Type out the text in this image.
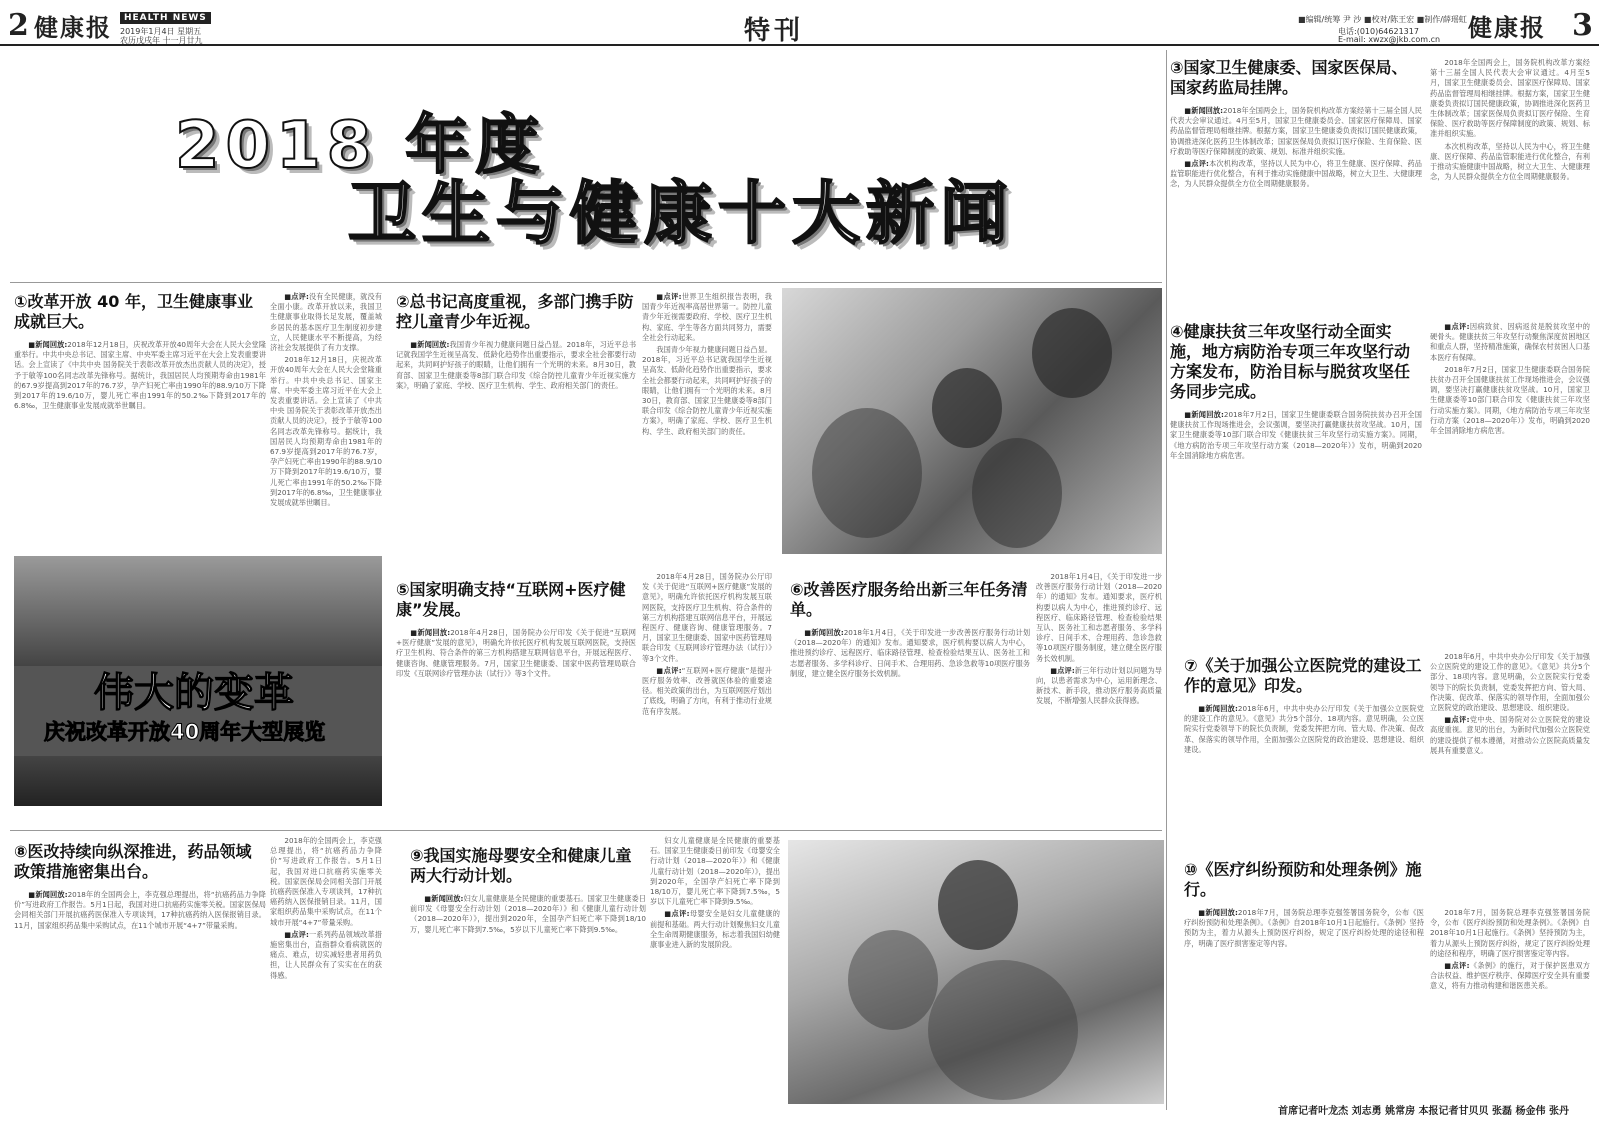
2 健康报	HEALTH NEWS
2019年1月4日 星期五
农历戊戌年 十一月廿九	特刊	■编辑/统筹 尹 沙 ■校对/陈王宏 ■制作/薛瑶虹
电话:(010)64621317
E-mail: xwzx@jkb.com.cn 健康报 3
2018 年度
卫生与健康十大新闻
③国家卫生健康委、国家医保局、国家药监局挂牌。

■新闻回放:2018年全国两会上，国务院机构改革方案经第十三届全国人民代表大会审议通过。4月至5月，国家卫生健康委员会、国家医疗保障局、国家药品监督管理局相继挂牌。根据方案，国家卫生健康委负责拟订国民健康政策，协调推进深化医药卫生体制改革；国家医保局负责拟订医疗保险、生育保险、医疗救助等医疗保障制度的政策、规划、标准并组织实施。

■点评:本次机构改革，坚持以人民为中心，将卫生健康、医疗保障、药品监管职能进行优化整合，有利于推动实施健康中国战略，树立大卫生、大健康理念，为人民群众提供全方位全周期健康服务。

2018年全国两会上，国务院机构改革方案经第十三届全国人民代表大会审议通过。4月至5月，国家卫生健康委员会、国家医疗保障局、国家药品监督管理局相继挂牌。根据方案，国家卫生健康委负责拟订国民健康政策，协调推进深化医药卫生体制改革；国家医保局负责拟订医疗保险、生育保险、医疗救助等医疗保障制度的政策、规划、标准并组织实施。

本次机构改革，坚持以人民为中心，将卫生健康、医疗保障、药品监管职能进行优化整合，有利于推动实施健康中国战略，树立大卫生、大健康理念，为人民群众提供全方位全周期健康服务。

①改革开放 40 年，卫生健康事业成就巨大。

■新闻回放:2018年12月18日，庆祝改革开放40周年大会在人民大会堂隆重举行。中共中央总书记、国家主席、中央军委主席习近平在大会上发表重要讲话。会上宣读了《中共中央 国务院关于表彰改革开放杰出贡献人员的决定》，授予于敏等100名同志改革先锋称号。据统计，我国居民人均预期寿命由1981年的67.9岁提高到2017年的76.7岁，孕产妇死亡率由1990年的88.9/10万下降到2017年的19.6/10万，婴儿死亡率由1991年的50.2‰下降到2017年的6.8‰，卫生健康事业发展成就举世瞩目。

■点评:没有全民健康，就没有全面小康。改革开放以来，我国卫生健康事业取得长足发展，覆盖城乡居民的基本医疗卫生制度初步建立，人民健康水平不断提高，为经济社会发展提供了有力支撑。

2018年12月18日，庆祝改革开放40周年大会在人民大会堂隆重举行。中共中央总书记、国家主席、中央军委主席习近平在大会上发表重要讲话。会上宣读了《中共中央 国务院关于表彰改革开放杰出贡献人员的决定》，授予于敏等100名同志改革先锋称号。据统计，我国居民人均预期寿命由1981年的67.9岁提高到2017年的76.7岁，孕产妇死亡率由1990年的88.9/10万下降到2017年的19.6/10万，婴儿死亡率由1991年的50.2‰下降到2017年的6.8‰，卫生健康事业发展成就举世瞩目。

②总书记高度重视，多部门携手防控儿童青少年近视。

■新闻回放:我国青少年视力健康问题日益凸显。2018年，习近平总书记就我国学生近视呈高发、低龄化趋势作出重要指示，要求全社会都要行动起来，共同呵护好孩子的眼睛，让他们拥有一个光明的未来。8月30日，教育部、国家卫生健康委等8部门联合印发《综合防控儿童青少年近视实施方案》，明确了家庭、学校、医疗卫生机构、学生、政府相关部门的责任。

■点评:世界卫生组织报告表明，我国青少年近视率高居世界第一。防控儿童青少年近视需要政府、学校、医疗卫生机构、家庭、学生等各方面共同努力，需要全社会行动起来。

我国青少年视力健康问题日益凸显。2018年，习近平总书记就我国学生近视呈高发、低龄化趋势作出重要指示，要求全社会都要行动起来，共同呵护好孩子的眼睛，让他们拥有一个光明的未来。8月30日，教育部、国家卫生健康委等8部门联合印发《综合防控儿童青少年近视实施方案》，明确了家庭、学校、医疗卫生机构、学生、政府相关部门的责任。

④健康扶贫三年攻坚行动全面实施，地方病防治专项三年攻坚行动方案发布，防治目标与脱贫攻坚任务同步完成。

■新闻回放:2018年7月2日，国家卫生健康委联合国务院扶贫办召开全国健康扶贫工作现场推进会，会议强调，要坚决打赢健康扶贫攻坚战。10月，国家卫生健康委等10部门联合印发《健康扶贫三年攻坚行动实施方案》。同期，《地方病防治专项三年攻坚行动方案（2018—2020年）》发布，明确到2020年全国消除地方病危害。

■点评:因病致贫、因病返贫是脱贫攻坚中的硬骨头。健康扶贫三年攻坚行动聚焦深度贫困地区和重点人群，坚持精准施策，确保农村贫困人口基本医疗有保障。

2018年7月2日，国家卫生健康委联合国务院扶贫办召开全国健康扶贫工作现场推进会，会议强调，要坚决打赢健康扶贫攻坚战。10月，国家卫生健康委等10部门联合印发《健康扶贫三年攻坚行动实施方案》。同期，《地方病防治专项三年攻坚行动方案（2018—2020年）》发布，明确到2020年全国消除地方病危害。

伟大的变革
庆祝改革开放40周年大型展览
⑤国家明确支持“互联网+医疗健康”发展。

■新闻回放:2018年4月28日，国务院办公厅印发《关于促进“互联网+医疗健康”发展的意见》，明确允许依托医疗机构发展互联网医院，支持医疗卫生机构、符合条件的第三方机构搭建互联网信息平台，开展远程医疗、健康咨询、健康管理服务。7月，国家卫生健康委、国家中医药管理局联合印发《互联网诊疗管理办法（试行）》等3个文件。

2018年4月28日，国务院办公厅印发《关于促进“互联网+医疗健康”发展的意见》，明确允许依托医疗机构发展互联网医院，支持医疗卫生机构、符合条件的第三方机构搭建互联网信息平台，开展远程医疗、健康咨询、健康管理服务。7月，国家卫生健康委、国家中医药管理局联合印发《互联网诊疗管理办法（试行）》等3个文件。

■点评:“互联网+医疗健康”是提升医疗服务效率、改善就医体验的重要途径。相关政策的出台，为互联网医疗划出了底线，明确了方向，有利于推动行业规范有序发展。

⑥改善医疗服务给出新三年任务清单。

■新闻回放:2018年1月4日，《关于印发进一步改善医疗服务行动计划（2018—2020年）的通知》发布。通知要求，医疗机构要以病人为中心，推进预约诊疗、远程医疗、临床路径管理、检查检验结果互认、医务社工和志愿者服务、多学科诊疗、日间手术、合理用药、急诊急救等10项医疗服务制度，建立健全医疗服务长效机制。

2018年1月4日，《关于印发进一步改善医疗服务行动计划（2018—2020年）的通知》发布。通知要求，医疗机构要以病人为中心，推进预约诊疗、远程医疗、临床路径管理、检查检验结果互认、医务社工和志愿者服务、多学科诊疗、日间手术、合理用药、急诊急救等10项医疗服务制度，建立健全医疗服务长效机制。

■点评:新三年行动计划以问题为导向，以患者需求为中心，运用新理念、新技术、新手段，推动医疗服务高质量发展，不断增强人民群众获得感。

⑦《关于加强公立医院党的建设工作的意见》印发。

■新闻回放:2018年6月，中共中央办公厅印发《关于加强公立医院党的建设工作的意见》。《意见》共分5个部分、18项内容。意见明确，公立医院实行党委领导下的院长负责制，党委发挥把方向、管大局、作决策、促改革、保落实的领导作用，全面加强公立医院党的政治建设、思想建设、组织建设。

2018年6月，中共中央办公厅印发《关于加强公立医院党的建设工作的意见》。《意见》共分5个部分、18项内容。意见明确，公立医院实行党委领导下的院长负责制，党委发挥把方向、管大局、作决策、促改革、保落实的领导作用，全面加强公立医院党的政治建设、思想建设、组织建设。

■点评:党中央、国务院对公立医院党的建设高度重视。意见的出台，为新时代加强公立医院党的建设提供了根本遵循，对推动公立医院高质量发展具有重要意义。

⑧医改持续向纵深推进，药品领域政策措施密集出台。

■新闻回放:2018年的全国两会上，李克强总理提出，将“抗癌药品力争降价”写进政府工作报告。5月1日起，我国对进口抗癌药实施零关税。国家医保局会同相关部门开展抗癌药医保准入专项谈判，17种抗癌药纳入医保报销目录。11月，国家组织药品集中采购试点，在11个城市开展“4+7”带量采购。

2018年的全国两会上，李克强总理提出，将“抗癌药品力争降价”写进政府工作报告。5月1日起，我国对进口抗癌药实施零关税。国家医保局会同相关部门开展抗癌药医保准入专项谈判，17种抗癌药纳入医保报销目录。11月，国家组织药品集中采购试点，在11个城市开展“4+7”带量采购。

■点评:一系列药品领域改革措施密集出台，直指群众看病就医的痛点、难点，切实减轻患者用药负担，让人民群众有了实实在在的获得感。

⑨我国实施母婴安全和健康儿童两大行动计划。

■新闻回放:妇女儿童健康是全民健康的重要基石。国家卫生健康委日前印发《母婴安全行动计划（2018—2020年）》和《健康儿童行动计划（2018—2020年）》，提出到2020年，全国孕产妇死亡率下降到18/10万，婴儿死亡率下降到7.5‰，5岁以下儿童死亡率下降到9.5‰。

妇女儿童健康是全民健康的重要基石。国家卫生健康委日前印发《母婴安全行动计划（2018—2020年）》和《健康儿童行动计划（2018—2020年）》，提出到2020年，全国孕产妇死亡率下降到18/10万，婴儿死亡率下降到7.5‰，5岁以下儿童死亡率下降到9.5‰。

■点评:母婴安全是妇女儿童健康的前提和基础。两大行动计划聚焦妇女儿童全生命周期健康服务，标志着我国妇幼健康事业进入新的发展阶段。

⑩《医疗纠纷预防和处理条例》施行。

■新闻回放:2018年7月，国务院总理李克强签署国务院令，公布《医疗纠纷预防和处理条例》。《条例》自2018年10月1日起施行。《条例》坚持预防为主，着力从源头上预防医疗纠纷，规定了医疗纠纷处理的途径和程序，明确了医疗损害鉴定等内容。

2018年7月，国务院总理李克强签署国务院令，公布《医疗纠纷预防和处理条例》。《条例》自2018年10月1日起施行。《条例》坚持预防为主，着力从源头上预防医疗纠纷，规定了医疗纠纷处理的途径和程序，明确了医疗损害鉴定等内容。

■点评:《条例》的施行，对于保护医患双方合法权益、维护医疗秩序、保障医疗安全具有重要意义，将有力推动构建和谐医患关系。

首席记者叶龙杰 刘志勇 姚常房 本报记者甘贝贝 张磊 杨金伟 张丹
